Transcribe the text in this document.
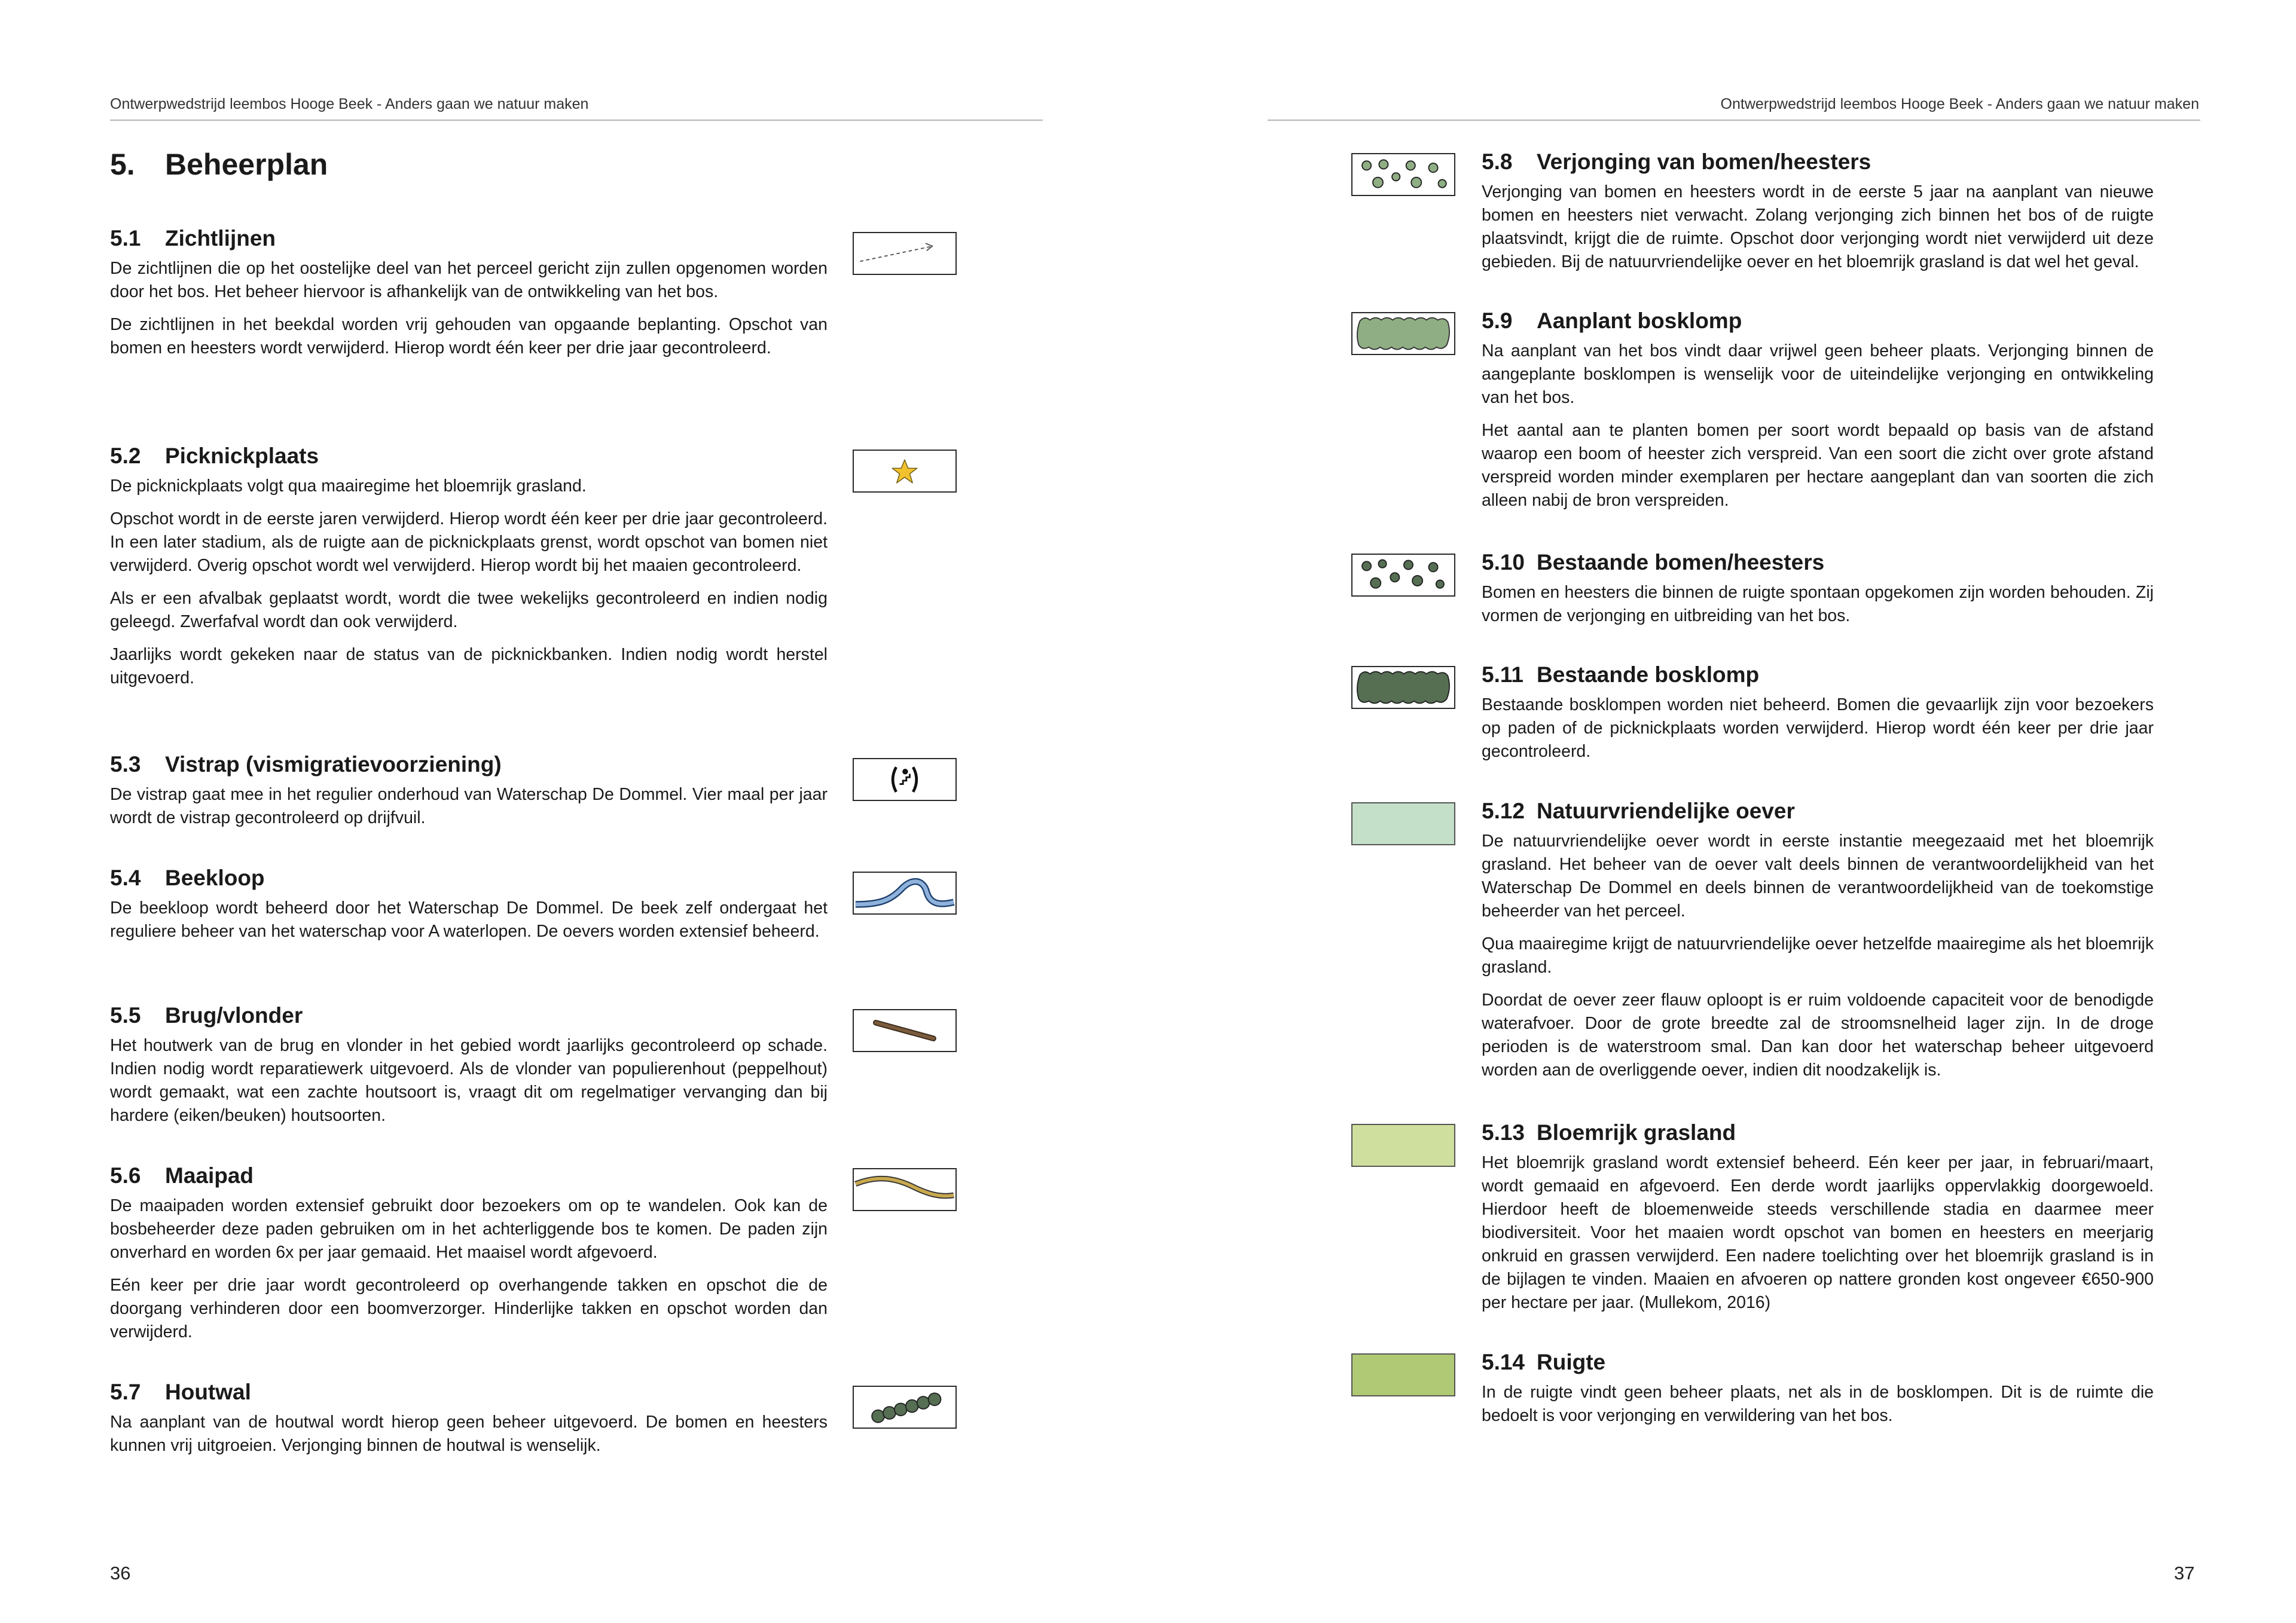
Ontwerpwedstrijd leembos Hooge Beek - Anders gaan we natuur maken
5.	Beheerplan
5.1	Zichtlijnen

De zichtlijnen die op het oostelijke deel van het perceel gericht zijn zullen opgenomen worden door het bos. Het beheer hiervoor is afhankelijk van de ontwikkeling van het bos.

De zichtlijnen in het beekdal worden vrij gehouden van opgaande beplanting. Opschot van bomen en heesters wordt verwijderd. Hierop wordt één keer per drie jaar gecontroleerd.

5.2	Picknickplaats

De picknickplaats volgt qua maairegime het bloemrijk grasland.

Opschot wordt in de eerste jaren verwijderd. Hierop wordt één keer per drie jaar gecontroleerd. In een later stadium, als de ruigte aan de picknickplaats grenst, wordt opschot van bomen niet verwijderd. Overig opschot wordt wel verwijderd. Hierop wordt bij het maaien gecontroleerd.

Als er een afvalbak geplaatst wordt, wordt die twee wekelijks gecontroleerd en indien nodig geleegd. Zwerfafval wordt dan ook verwijderd.

Jaarlijks wordt gekeken naar de status van de picknickbanken. Indien nodig wordt herstel uitgevoerd.

5.3	Vistrap (vismigratievoorziening)

De vistrap gaat mee in het regulier onderhoud van Waterschap De Dommel. Vier maal per jaar wordt de vistrap gecontroleerd op drijfvuil.

5.4	Beekloop

De beekloop wordt beheerd door het Waterschap De Dommel. De beek zelf ondergaat het reguliere beheer van het waterschap voor A waterlopen. De oevers worden extensief beheerd.

5.5	Brug/vlonder

Het houtwerk van de brug en vlonder in het gebied wordt jaarlijks gecontroleerd op schade. Indien nodig wordt reparatiewerk uitgevoerd. Als de vlonder van populierenhout (peppelhout) wordt gemaakt, wat een zachte houtsoort is, vraagt dit om regelmatiger vervanging dan bij hardere (eiken/beuken) houtsoorten.

5.6	Maaipad

De maaipaden worden extensief gebruikt door bezoekers om op te wandelen. Ook kan de bosbeheerder deze paden gebruiken om in het achterliggende bos te komen. De paden zijn onverhard en worden 6x per jaar gemaaid. Het maaisel wordt afgevoerd.

Eén keer per drie jaar wordt gecontroleerd op overhangende takken en opschot die de doorgang verhinderen door een boomverzorger. Hinderlijke takken en opschot worden dan verwijderd.

5.7	Houtwal

Na aanplant van de houtwal wordt hierop geen beheer uitgevoerd. De bomen en heesters kunnen vrij uitgroeien. Verjonging binnen de houtwal is wenselijk.

36
Ontwerpwedstrijd leembos Hooge Beek - Anders gaan we natuur maken
5.8	Verjonging van bomen/heesters

Verjonging van bomen en heesters wordt in de eerste 5 jaar na aanplant van nieuwe bomen en heesters niet verwacht. Zolang verjonging zich binnen het bos of de ruigte plaatsvindt, krijgt die de ruimte. Opschot door verjonging wordt niet verwijderd uit deze gebieden. Bij de natuurvriendelijke oever en het bloemrijk grasland is dat wel het geval.

5.9	Aanplant bosklomp

Na aanplant van het bos vindt daar vrijwel geen beheer plaats. Verjonging binnen de aangeplante bosklompen is wenselijk voor de uiteindelijke verjonging en ontwikkeling van het bos.

Het aantal aan te planten bomen per soort wordt bepaald op basis van de afstand waarop een boom of heester zich verspreid. Van een soort die zicht over grote afstand verspreid worden minder exemplaren per hectare aangeplant dan van soorten die zich alleen nabij de bron verspreiden.

5.10 Bestaande bomen/heesters

Bomen en heesters die binnen de ruigte spontaan opgekomen zijn worden behouden. Zij vormen de verjonging en uitbreiding van het bos.

5.11 Bestaande bosklomp

Bestaande bosklompen worden niet beheerd. Bomen die gevaarlijk zijn voor bezoekers op paden of de picknickplaats worden verwijderd. Hierop wordt één keer per drie jaar gecontroleerd.

5.12 Natuurvriendelijke oever

De natuurvriendelijke oever wordt in eerste instantie meegezaaid met het bloemrijk grasland. Het beheer van de oever valt deels binnen de verantwoordelijkheid van het Waterschap De Dommel en deels binnen de verantwoordelijkheid van de toekomstige beheerder van het perceel.

Qua maairegime krijgt de natuurvriendelijke oever hetzelfde maairegime als het bloemrijk grasland.

Doordat de oever zeer flauw oploopt is er ruim voldoende capaciteit voor de benodigde waterafvoer. Door de grote breedte zal de stroomsnelheid lager zijn. In de droge perioden is de waterstroom smal. Dan kan door het waterschap beheer uitgevoerd worden aan de overliggende oever, indien dit noodzakelijk is.

5.13 Bloemrijk grasland

Het bloemrijk grasland wordt extensief beheerd. Eén keer per jaar, in februari/maart, wordt gemaaid en afgevoerd. Een derde wordt jaarlijks oppervlakkig doorgewoeld. Hierdoor heeft de bloemenweide steeds verschillende stadia en daarmee meer biodiversiteit. Voor het maaien wordt opschot van bomen en heesters en meerjarig onkruid en grassen verwijderd. Een nadere toelichting over het bloemrijk grasland is in de bijlagen te vinden. Maaien en afvoeren op nattere gronden kost ongeveer €650-900 per hectare per jaar. (Mullekom, 2016)

5.14 Ruigte

In de ruigte vindt geen beheer plaats, net als in de bosklompen. Dit is de ruimte die bedoelt is voor verjonging en verwildering van het bos.

37
